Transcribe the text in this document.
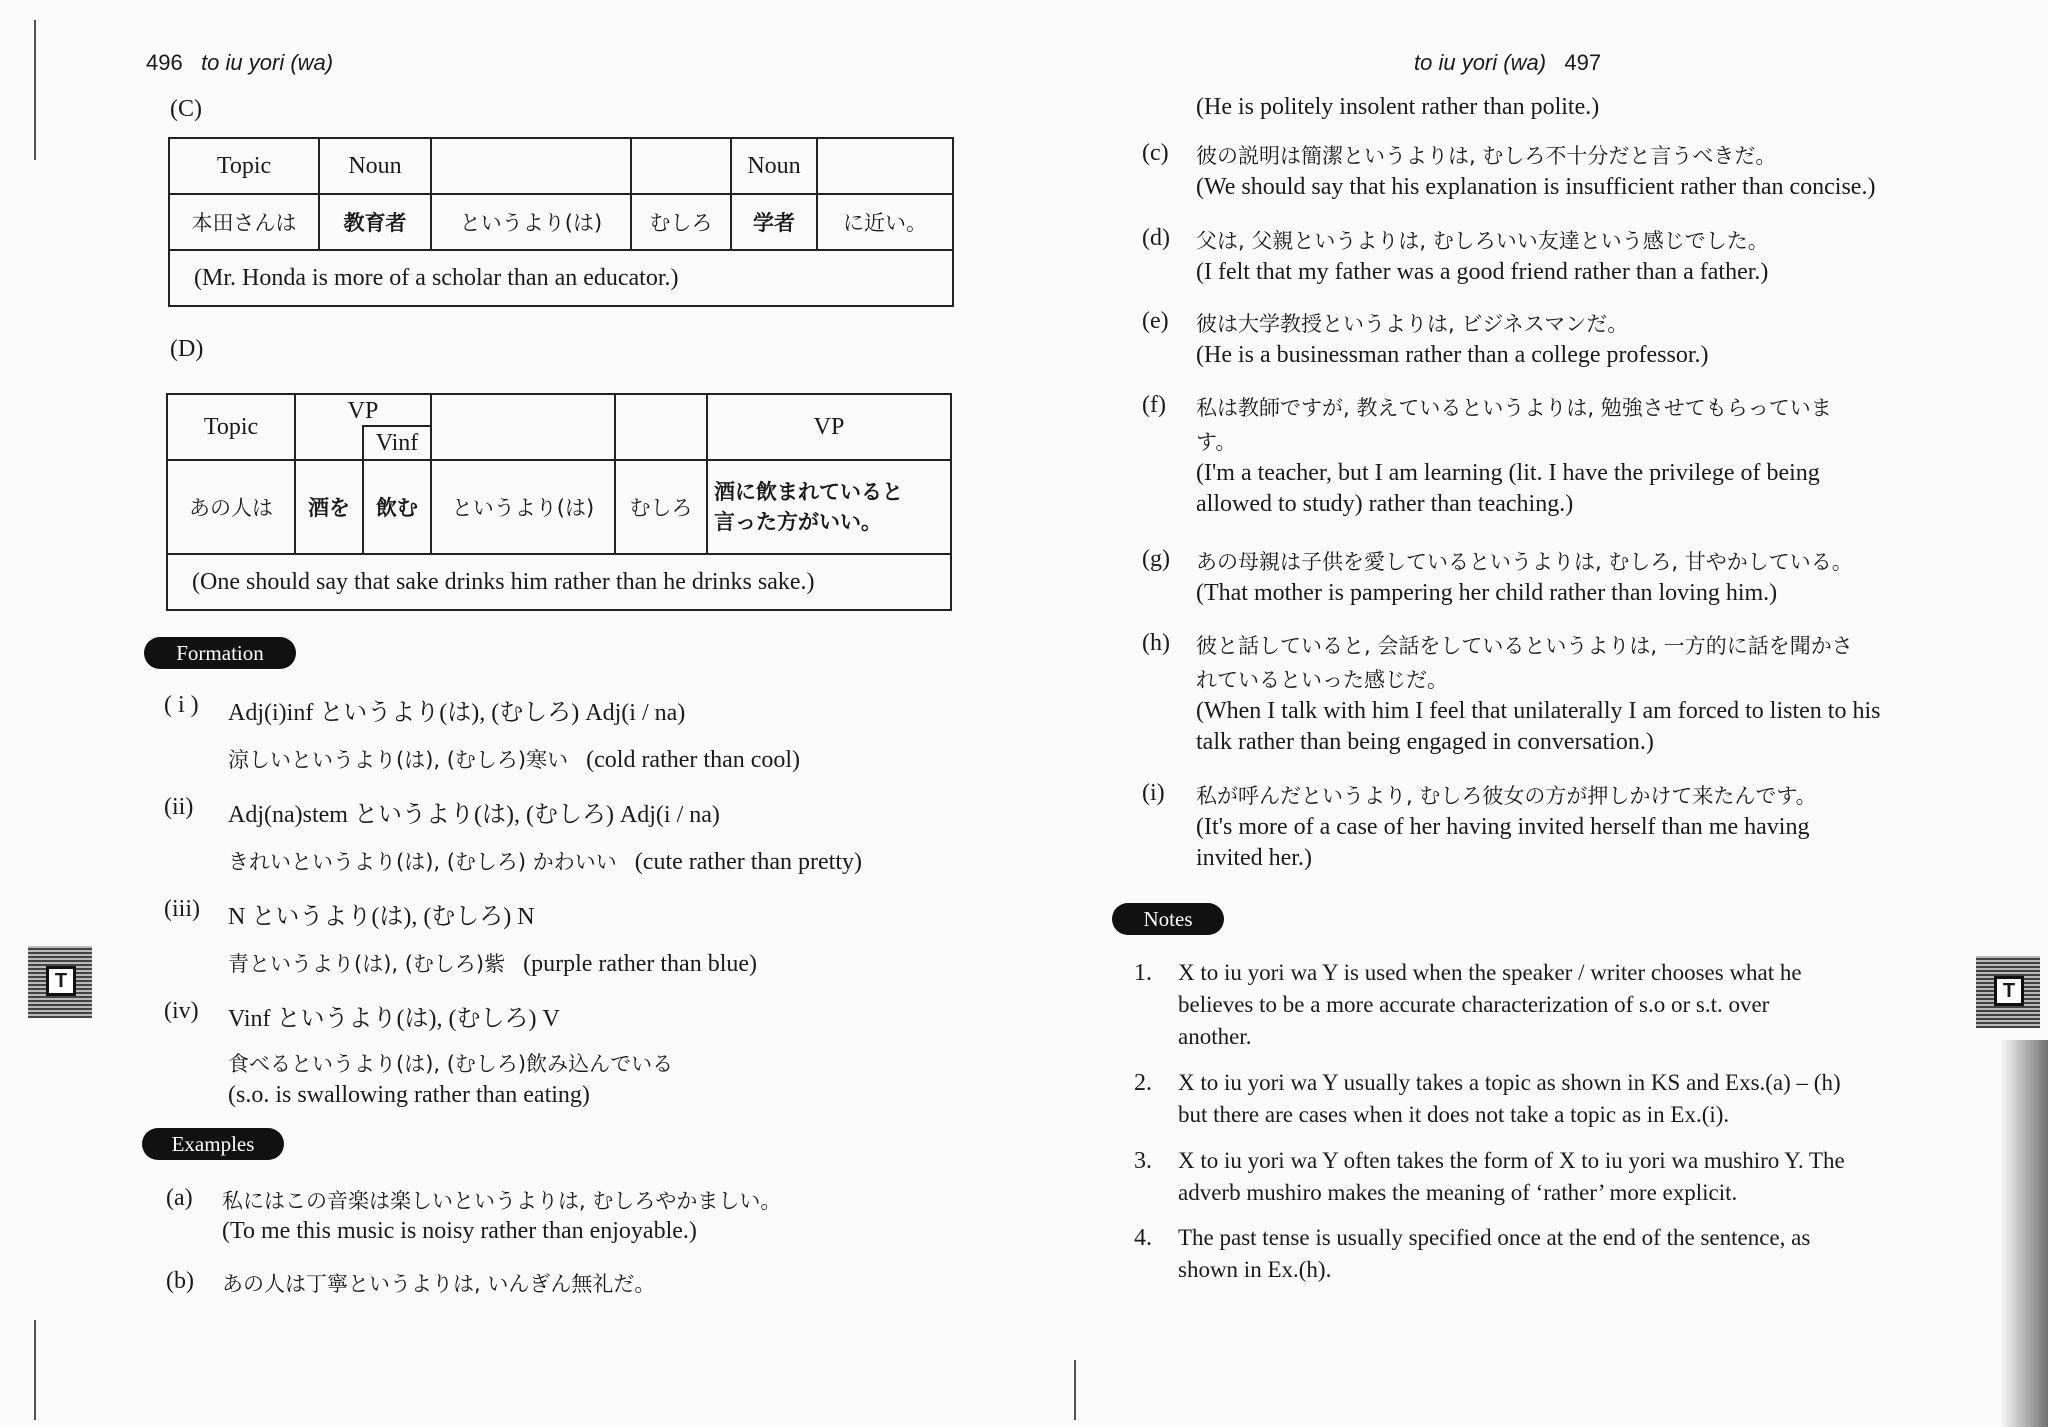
496 to iu yori (wa)
(C)
Topic	Noun			Noun	
本田さんは	教育者	というより(は)	むしろ	学者	に近い。
(Mr. Honda is more of a scholar than an educator.)					
(D)
Topic	VP				VP
		Vinf			
あの人は	酒を	飲む	というより(は)	むしろ	酒に飲まれていると
言った方がいい。
(One should say that sake drinks him rather than he drinks sake.)					
Formation
( i ) Adj(i)inf というより(は), (むしろ) Adj(i / na)
涼しいというより(は), (むしろ)寒い (cold rather than cool)
(ii) Adj(na)stem というより(は), (むしろ) Adj(i / na)
きれいというより(は), (むしろ) かわいい (cute rather than pretty)
(iii) N というより(は), (むしろ) N
青というより(は), (むしろ)紫 (purple rather than blue)
(iv) Vinf というより(は), (むしろ) V
食べるというより(は), (むしろ)飲み込んでいる
(s.o. is swallowing rather than eating)
Examples
(a) 私にはこの音楽は楽しいというよりは, むしろやかましい。
(To me this music is noisy rather than enjoyable.)
(b) あの人は丁寧というよりは, いんぎん無礼だ。
T
to iu yori (wa) 497
(He is politely insolent rather than polite.)
(c) 彼の説明は簡潔というよりは, むしろ不十分だと言うべきだ。
(We should say that his explanation is insufficient rather than concise.)
(d) 父は, 父親というよりは, むしろいい友達という感じでした。
(I felt that my father was a good friend rather than a father.)
(e) 彼は大学教授というよりは, ビジネスマンだ。
(He is a businessman rather than a college professor.)
(f) 私は教師ですが, 教えているというよりは, 勉強させてもらっていま
す。
(I'm a teacher, but I am learning (lit. I have the privilege of being
allowed to study) rather than teaching.)
(g) あの母親は子供を愛しているというよりは, むしろ, 甘やかしている。
(That mother is pampering her child rather than loving him.)
(h) 彼と話していると, 会話をしているというよりは, 一方的に話を聞かさ
れているといった感じだ。
(When I talk with him I feel that unilaterally I am forced to listen to his
talk rather than being engaged in conversation.)
(i) 私が呼んだというより, むしろ彼女の方が押しかけて来たんです。
(It's more of a case of her having invited herself than me having
invited her.)
Notes
1. X to iu yori wa Y is used when the speaker / writer chooses what he
believes to be a more accurate characterization of s.o or s.t. over
another.
2. X to iu yori wa Y usually takes a topic as shown in KS and Exs.(a) – (h)
but there are cases when it does not take a topic as in Ex.(i).
3. X to iu yori wa Y often takes the form of X to iu yori wa mushiro Y. The
adverb mushiro makes the meaning of ‘rather’ more explicit.
4. The past tense is usually specified once at the end of the sentence, as
shown in Ex.(h).
T
